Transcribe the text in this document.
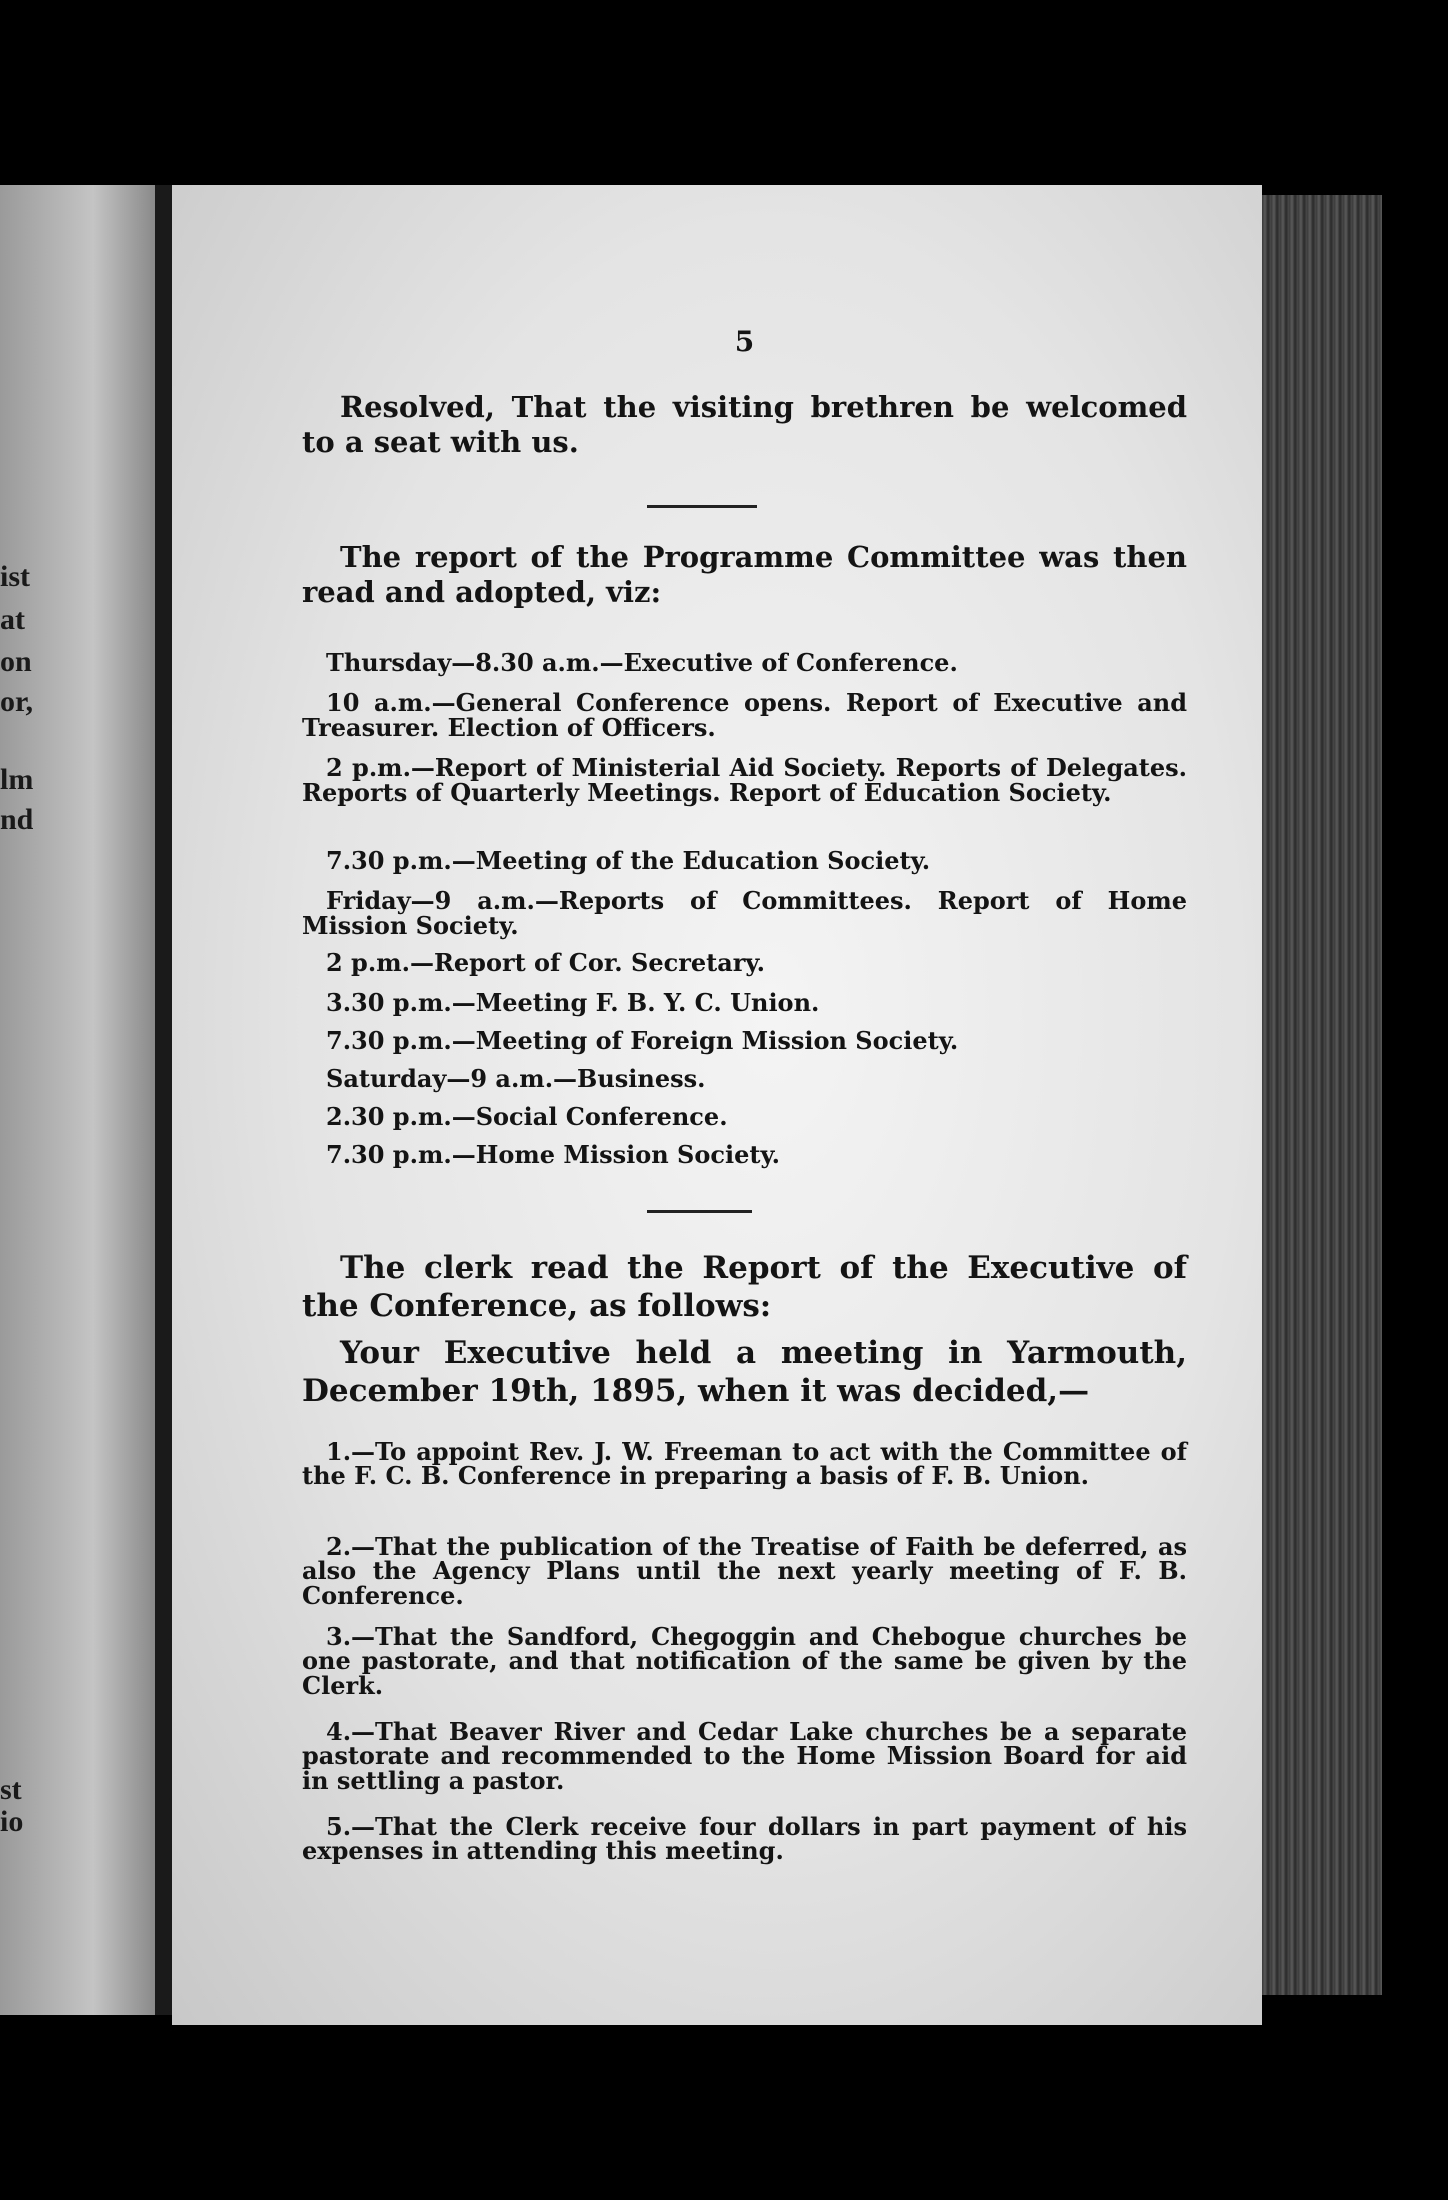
ist
at
on
or,
lm
nd
st
io
5
Resolved, That the visiting brethren be welcomed to a seat with us.
The report of the Programme Committee was then read and adopted, viz:
Thursday—8.30 a.m.—Executive of Conference.
10 a.m.—General Conference opens. Report of Executive and Treasurer. Election of Officers.
2 p.m.—Report of Ministerial Aid Society. Reports of Delegates. Reports of Quarterly Meetings. Report of Education Society.
7.30 p.m.—Meeting of the Education Society.
Friday—9 a.m.—Reports of Committees. Report of Home Mission Society.
2 p.m.—Report of Cor. Secretary.
3.30 p.m.—Meeting F. B. Y. C. Union.
7.30 p.m.—Meeting of Foreign Mission Society.
Saturday—9 a.m.—Business.
2.30 p.m.—Social Conference.
7.30 p.m.—Home Mission Society.
The clerk read the Report of the Executive of the Conference, as follows:
Your Executive held a meeting in Yarmouth, December 19th, 1895, when it was decided,—
1.—To appoint Rev. J. W. Freeman to act with the Committee of the F. C. B. Conference in preparing a basis of F. B. Union.
2.—That the publication of the Treatise of Faith be deferred, as also the Agency Plans until the next yearly meeting of F. B. Conference.
3.—That the Sandford, Chegoggin and Chebogue churches be one pastorate, and that notification of the same be given by the Clerk.
4.—That Beaver River and Cedar Lake churches be a separate pastorate and recommended to the Home Mission Board for aid in settling a pastor.
5.—That the Clerk receive four dollars in part payment of his expenses in attending this meeting.
